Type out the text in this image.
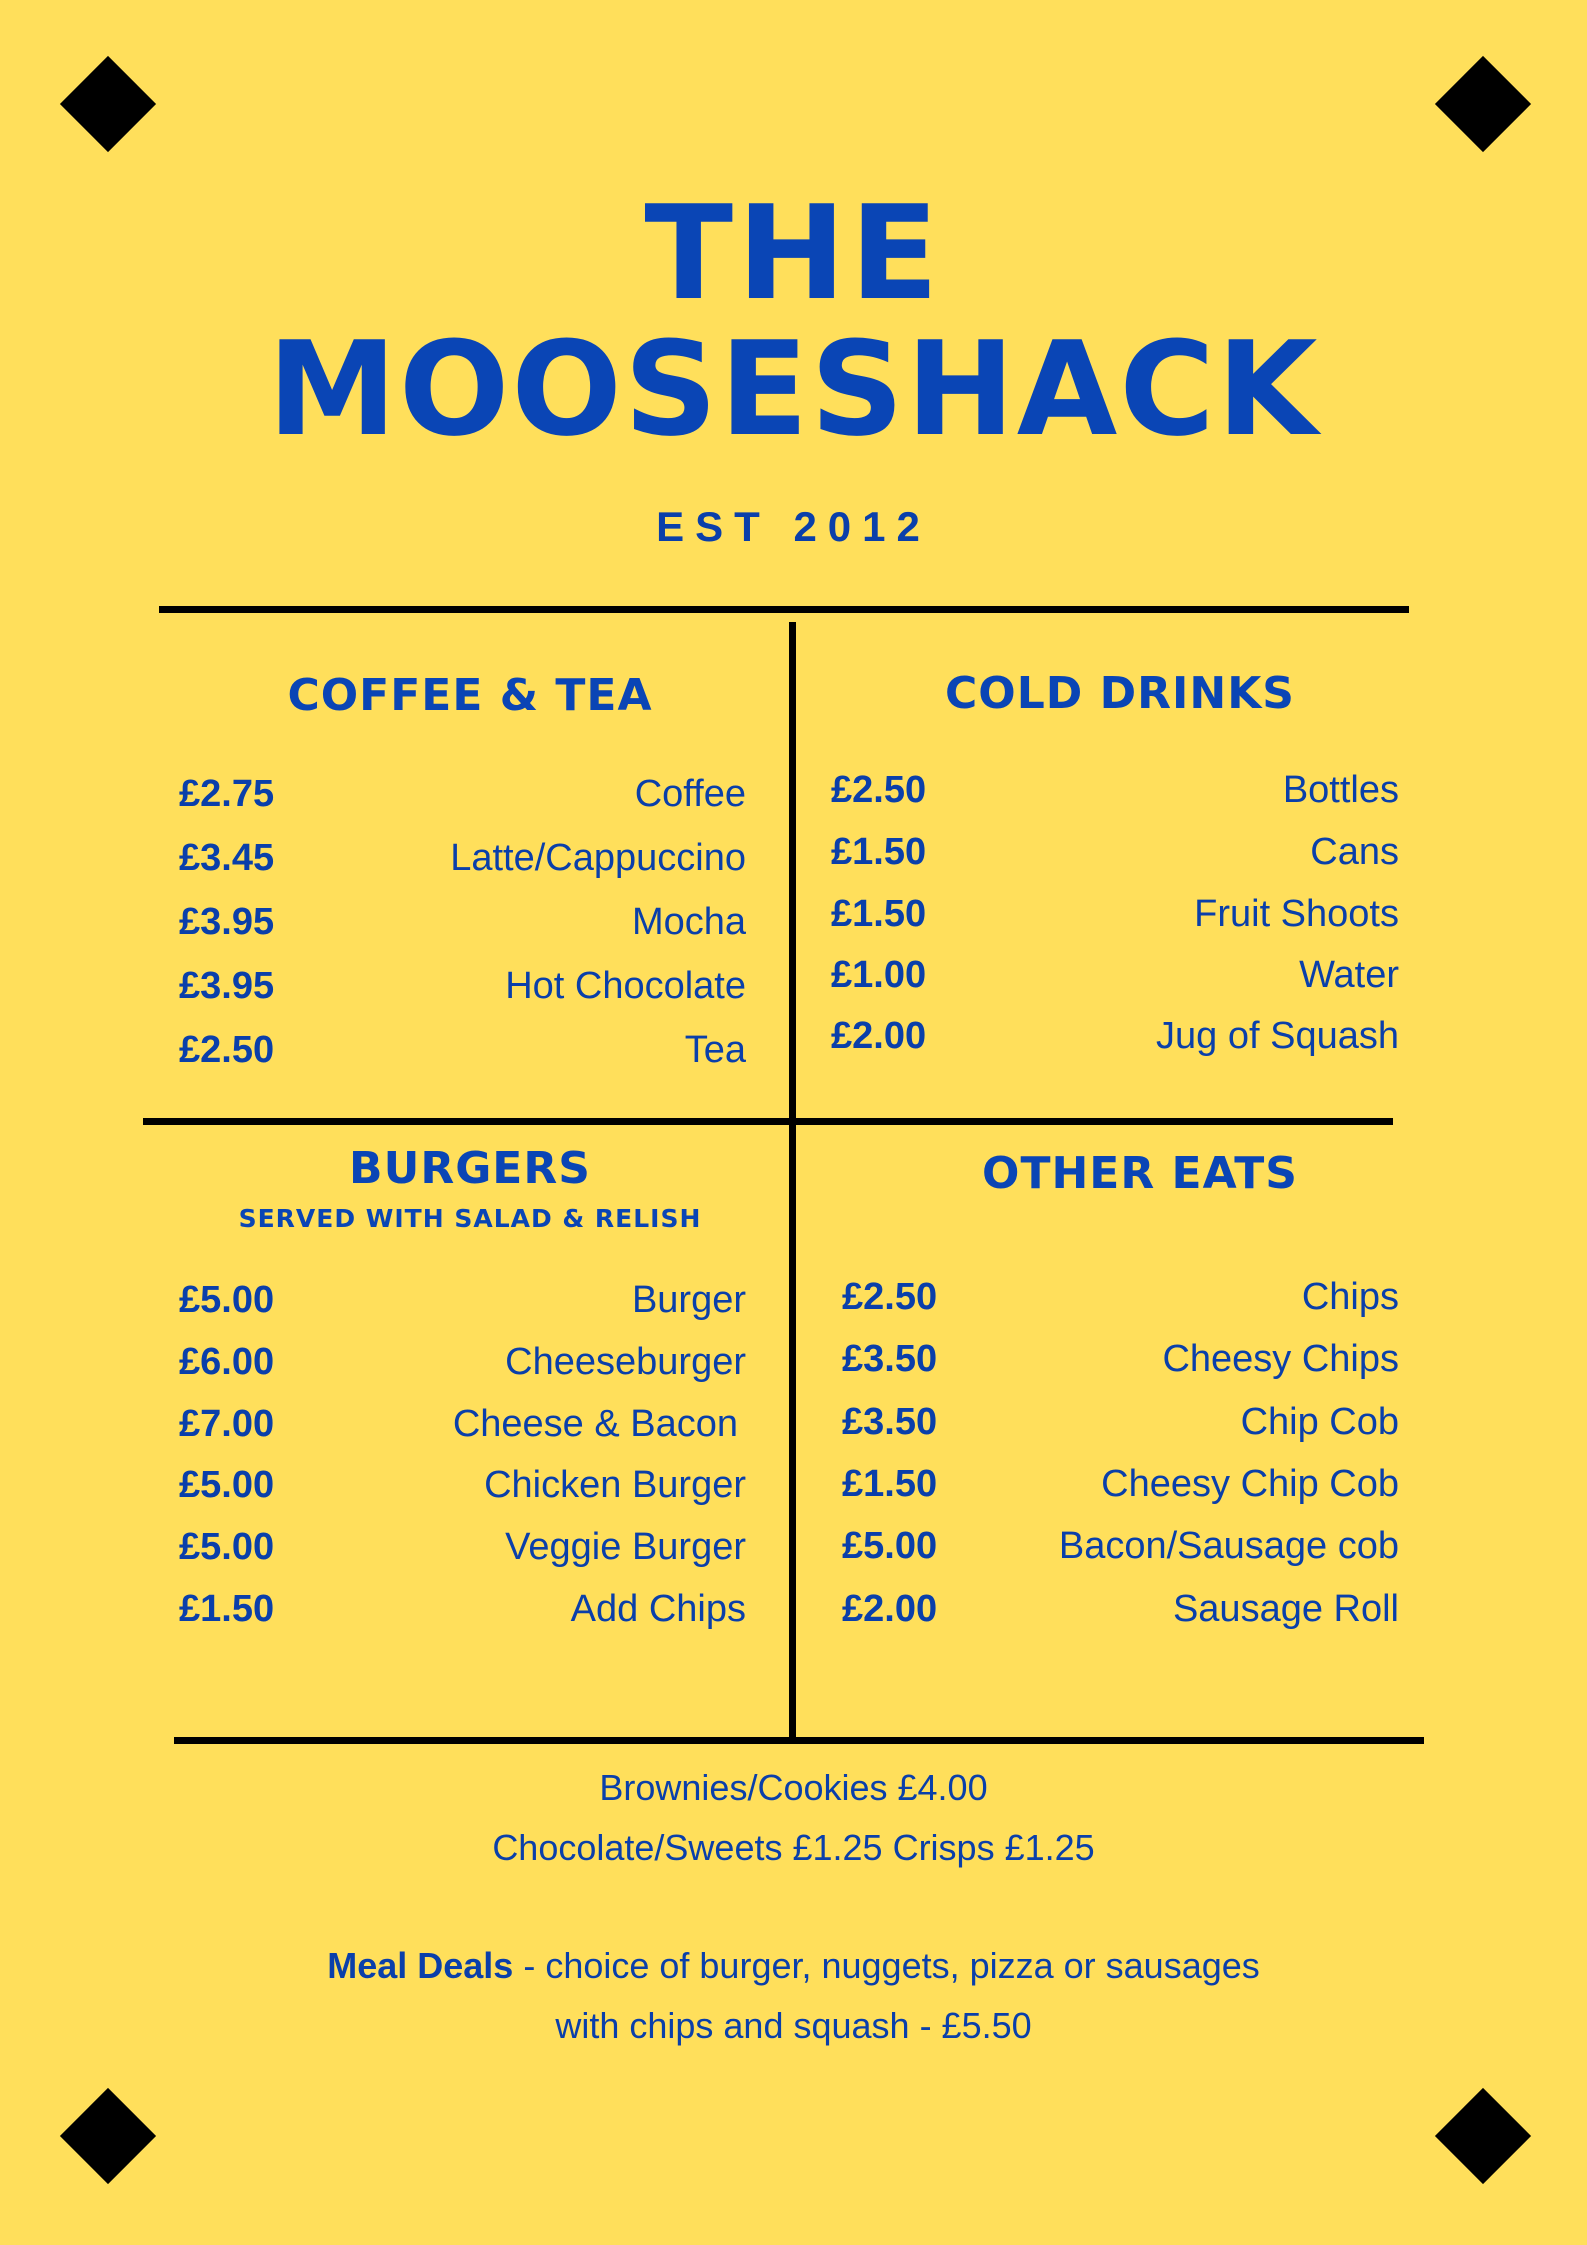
THE
MOOSESHACK
EST 2012
COFFEE & TEA	COLD DRINKS
BURGERS
SERVED WITH SALAD & RELISH
OTHER EATS
£2.75	Coffee
£3.45	Latte/Cappuccino
£3.95	Mocha
£3.95	Hot Chocolate
£2.50	Tea
£2.50	Bottles
£1.50	Cans
£1.50	Fruit Shoots
£1.00	Water
£2.00	Jug of Squash
£5.00	Burger
£6.00	Cheeseburger
£7.00	Cheese & Bacon
£5.00	Chicken Burger
£5.00	Veggie Burger
£1.50	Add Chips
£2.50	Chips
£3.50	Cheesy Chips
£3.50	Chip Cob
£1.50	Cheesy Chip Cob
£5.00	Bacon/Sausage cob
£2.00	Sausage Roll
Brownies/Cookies £4.00
Chocolate/Sweets £1.25 Crisps £1.25
Meal Deals - choice of burger, nuggets, pizza or sausages
with chips and squash - £5.50
